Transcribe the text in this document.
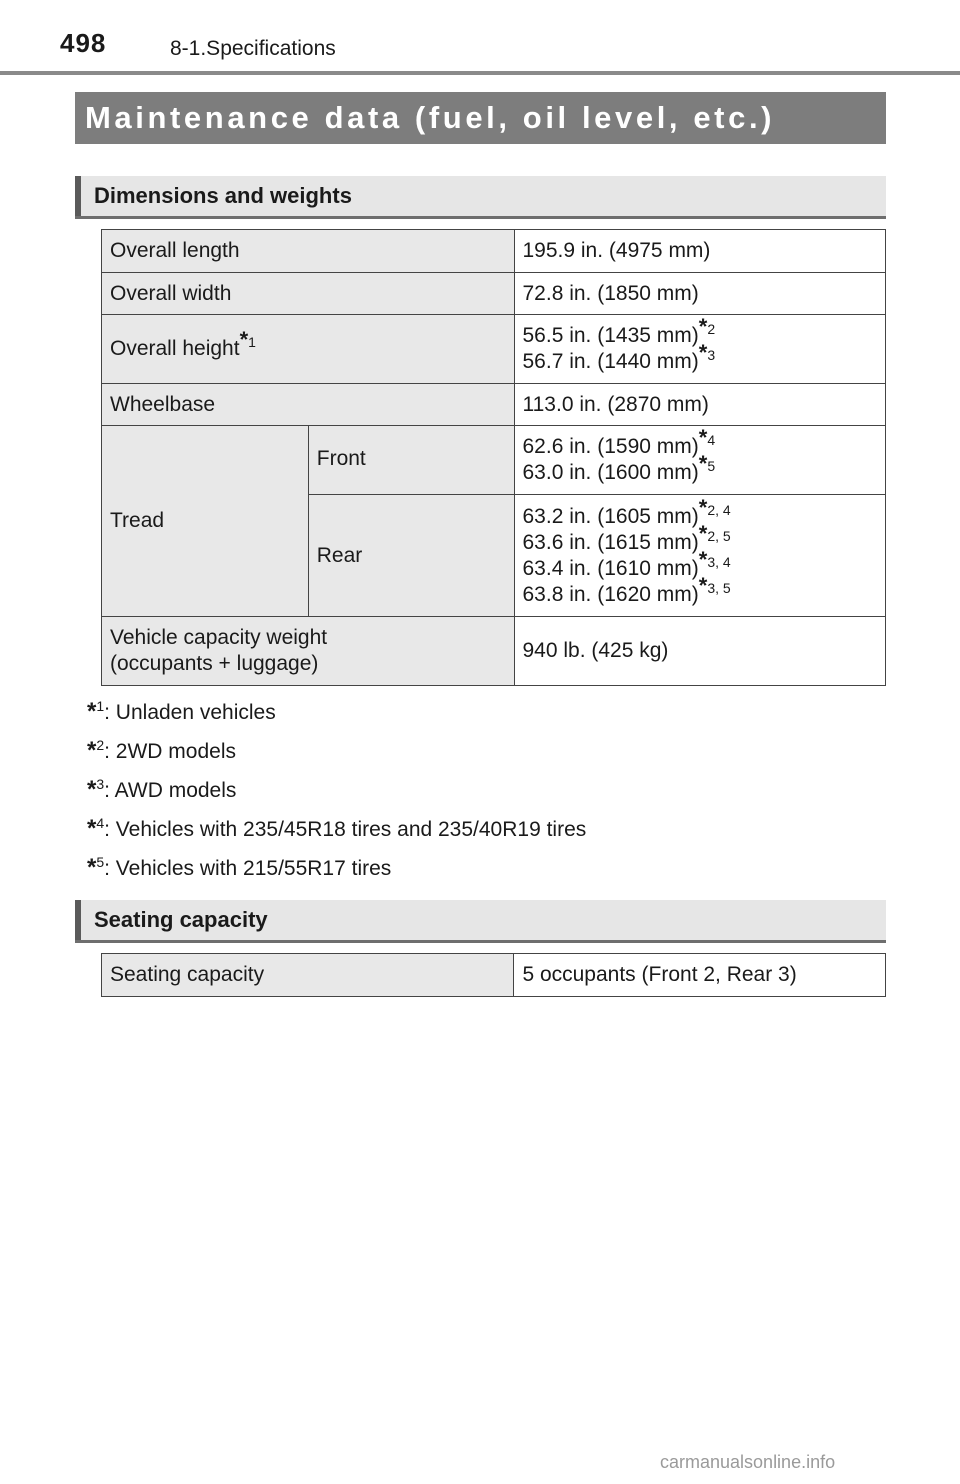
498	8-1.Specifications
Maintenance data (fuel, oil level, etc.)
Dimensions and weights
Overall length		195.9 in. (4975 mm)
Overall width		72.8 in. (1850 mm)
Overall height$^{*1}$		56.5 in. (1435 mm)$^{*2}$
56.7 in. (1440 mm)$^{*3}$

Wheelbase		113.0 in. (2870 mm)
Tread	Front	62.6 in. (1590 mm)$^{*4}$
63.0 in. (1600 mm)$^{*5}$

	Rear	63.2 in. (1605 mm)$^{*2, 4}$
63.6 in. (1615 mm)$^{*2, 5}$
63.4 in. (1610 mm)$^{*3, 4}$
63.8 in. (1620 mm)$^{*3, 5}$

Vehicle capacity weight
(occupants + luggage)		940 lb. (425 kg)
*$^1$: Unladen vehicles
*$^2$: 2WD models
*$^3$: AWD models
*$^4$: Vehicles with 235/45R18 tires and 235/40R19 tires
*$^5$: Vehicles with 215/55R17 tires
Seating capacity
Seating capacity	5 occupants (Front 2, Rear 3)
carmanualsonline.info
